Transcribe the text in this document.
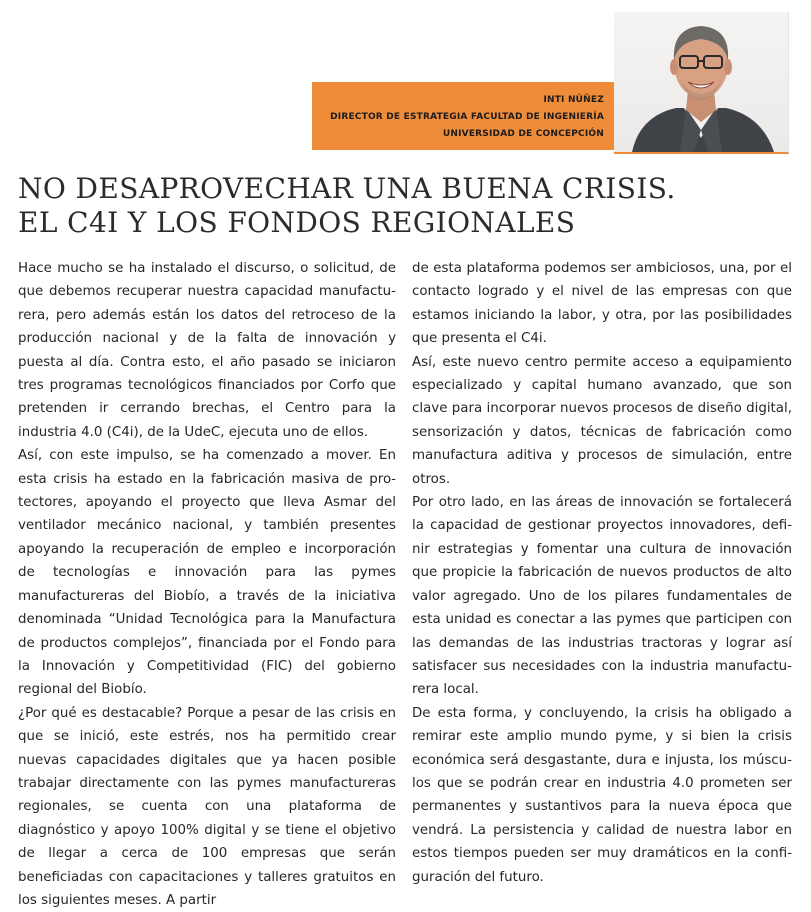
INTI NÚÑEZ
DIRECTOR DE ESTRATEGIA FACULTAD DE INGENIERÍA
UNIVERSIDAD DE CONCEPCIÓN
NO DESAPROVECHAR UNA BUENA CRISIS.
EL C4I Y LOS FONDOS REGIONALES

Hace mucho se ha instalado el discurso, o solicitud, de que debemos recuperar nuestra capacidad manufacturera, pero además están los datos del retroceso de la producción nacional y de la falta de innovación y puesta al día. Contra esto, el año pasado se iniciaron tres programas tecnológicos financiados por Corfo que pretenden ir cerrando brechas, el Centro para la industria 4.0 (C4i), de la UdeC, ejecuta uno de ellos.

Así, con este impulso, se ha comenzado a mover. En esta crisis ha estado en la fabricación masiva de protectores, apoyando el proyecto que lleva Asmar del ventilador mecánico nacional, y también presentes apoyando la recuperación de empleo e incorporación de tecnologías e innovación para las pymes manufactureras del Biobío, a través de la iniciativa denominada “Unidad Tecnológica para la Manufactura de productos complejos”, financiada por el Fondo para la Innovación y Competitividad (FIC) del gobierno regional del Biobío.

¿Por qué es destacable? Porque a pesar de las crisis en que se inició, este estrés, nos ha permitido crear nuevas capacidades digitales que ya hacen posible trabajar directamente con las pymes manufactureras regionales, se cuenta con una plataforma de diagnóstico y apoyo 100% digital y se tiene el objetivo de llegar a cerca de 100 empresas que serán beneficiadas con capacitaciones y talleres gratuitos en los siguientes meses. A partir

de esta plataforma podemos ser ambiciosos, una, por el contacto logrado y el nivel de las empresas con que estamos iniciando la labor, y otra, por las posibilidades que presenta el C4i.

Así, este nuevo centro permite acceso a equipamiento especializado y capital humano avanzado, que son clave para incorporar nuevos procesos de diseño digital, sensorización y datos, técnicas de fabricación como manufactura aditiva y procesos de simulación, entre otros.

Por otro lado, en las áreas de innovación se fortalecerá la capacidad de gestionar proyectos innovadores, definir estrategias y fomentar una cultura de innovación que propicie la fabricación de nuevos productos de alto valor agregado. Uno de los pilares fundamentales de esta unidad es conectar a las pymes que participen con las demandas de las industrias tractoras y lograr así satisfacer sus necesidades con la industria manufacturera local.

De esta forma, y concluyendo, la crisis ha obligado a remirar este amplio mundo pyme, y si bien la crisis económica será desgastante, dura e injusta, los músculos que se podrán crear en industria 4.0 prometen ser permanentes y sustantivos para la nueva época que vendrá. La persistencia y calidad de nuestra labor en estos tiempos pueden ser muy dramáticos en la configuración del futuro.
